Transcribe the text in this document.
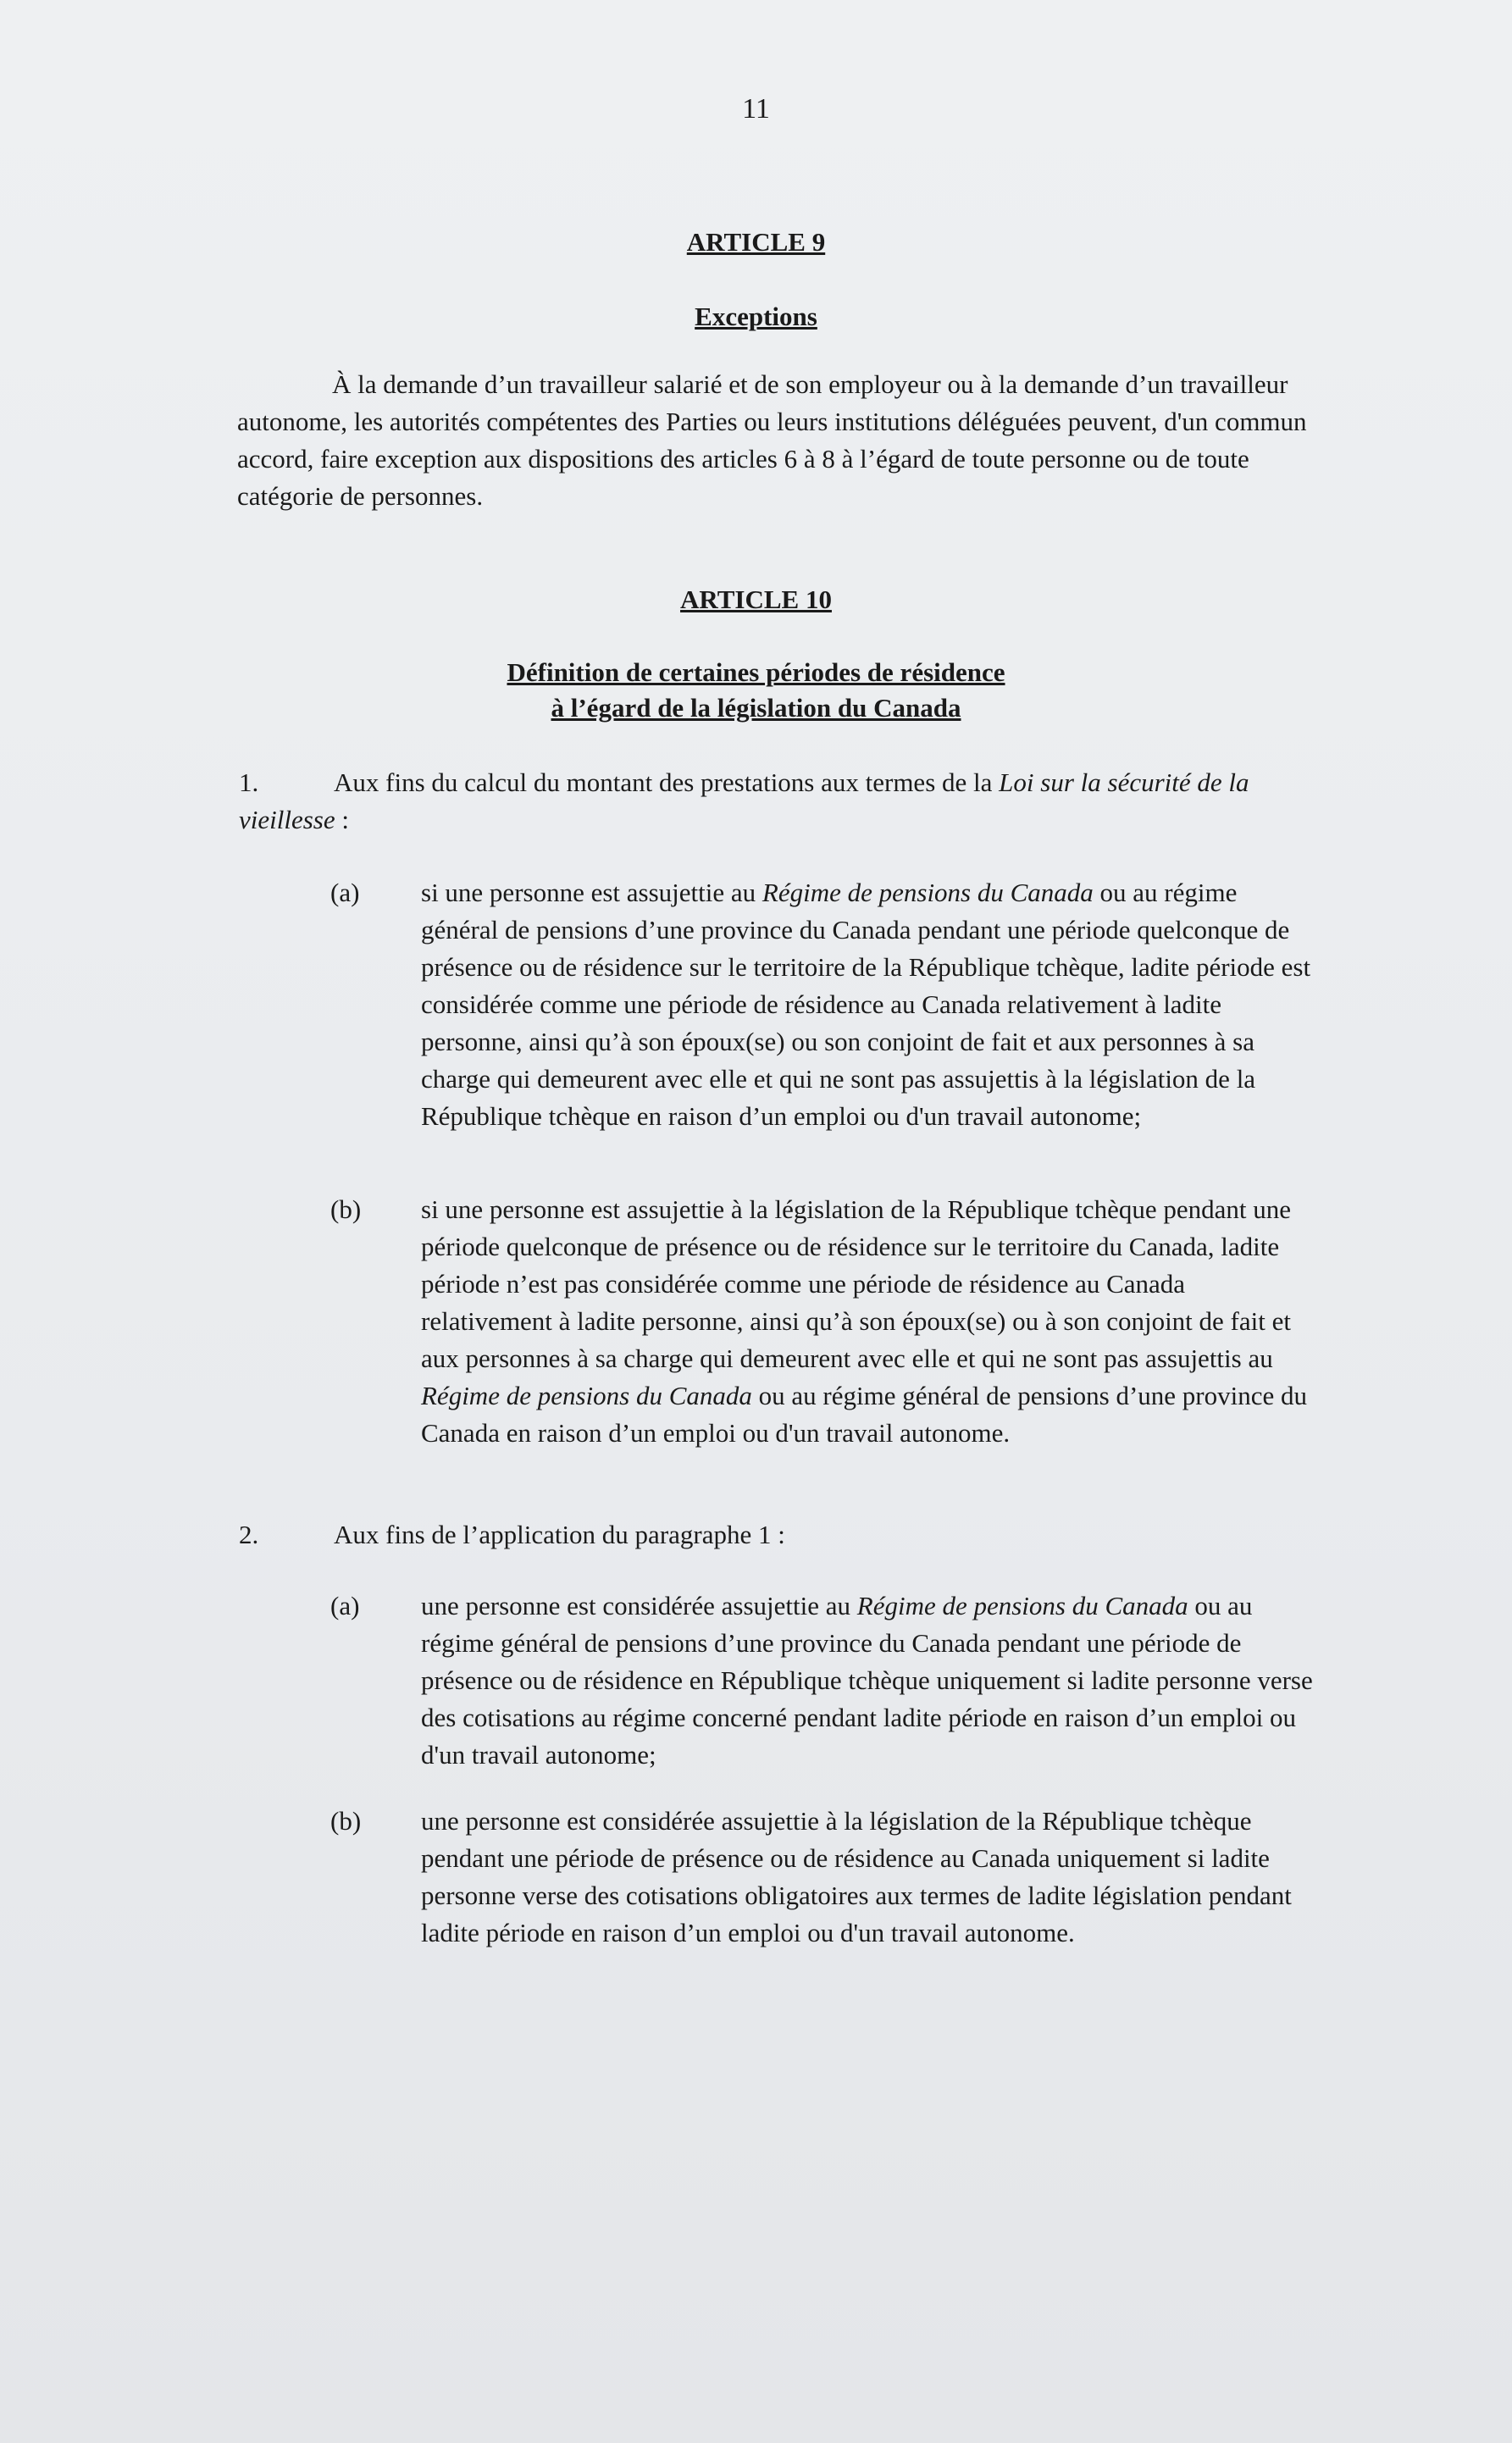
11
ARTICLE 9
Exceptions
À la demande d’un travailleur salarié et de son employeur ou à la demande d’un travailleur autonome, les autorités compétentes des Parties ou leurs institutions déléguées peuvent, d'un commun accord, faire exception aux dispositions des articles 6 à 8 à l’égard de toute personne ou de toute catégorie de personnes.
ARTICLE 10
Définition de certaines périodes de résidence
à l’égard de la législation du Canada
1.	Aux fins du calcul du montant des prestations aux termes de la Loi sur la sécurité de la vieillesse :
(a) si une personne est assujettie au Régime de pensions du Canada ou au régime général de pensions d’une province du Canada pendant une période quelconque de présence ou de résidence sur le territoire de la République tchèque, ladite période est considérée comme une période de résidence au Canada relativement à ladite personne, ainsi qu’à son époux(se) ou son conjoint de fait et aux personnes à sa charge qui demeurent avec elle et qui ne sont pas assujettis à la législation de la République tchèque en raison d’un emploi ou d'un travail autonome;
(b) si une personne est assujettie à la législation de la République tchèque pendant une période quelconque de présence ou de résidence sur le territoire du Canada, ladite période n’est pas considérée comme une période de résidence au Canada relativement à ladite personne, ainsi qu’à son époux(se) ou à son conjoint de fait et aux personnes à sa charge qui demeurent avec elle et qui ne sont pas assujettis au Régime de pensions du Canada ou au régime général de pensions d’une province du Canada en raison d’un emploi ou d'un travail autonome.
2.	Aux fins de l’application du paragraphe 1 :
(a) une personne est considérée assujettie au Régime de pensions du Canada ou au régime général de pensions d’une province du Canada pendant une période de présence ou de résidence en République tchèque uniquement si ladite personne verse des cotisations au régime concerné pendant ladite période en raison d’un emploi ou d'un travail autonome;
(b) une personne est considérée assujettie à la législation de la République tchèque pendant une période de présence ou de résidence au Canada uniquement si ladite personne verse des cotisations obligatoires aux termes de ladite législation pendant ladite période en raison d’un emploi ou d'un travail autonome.
